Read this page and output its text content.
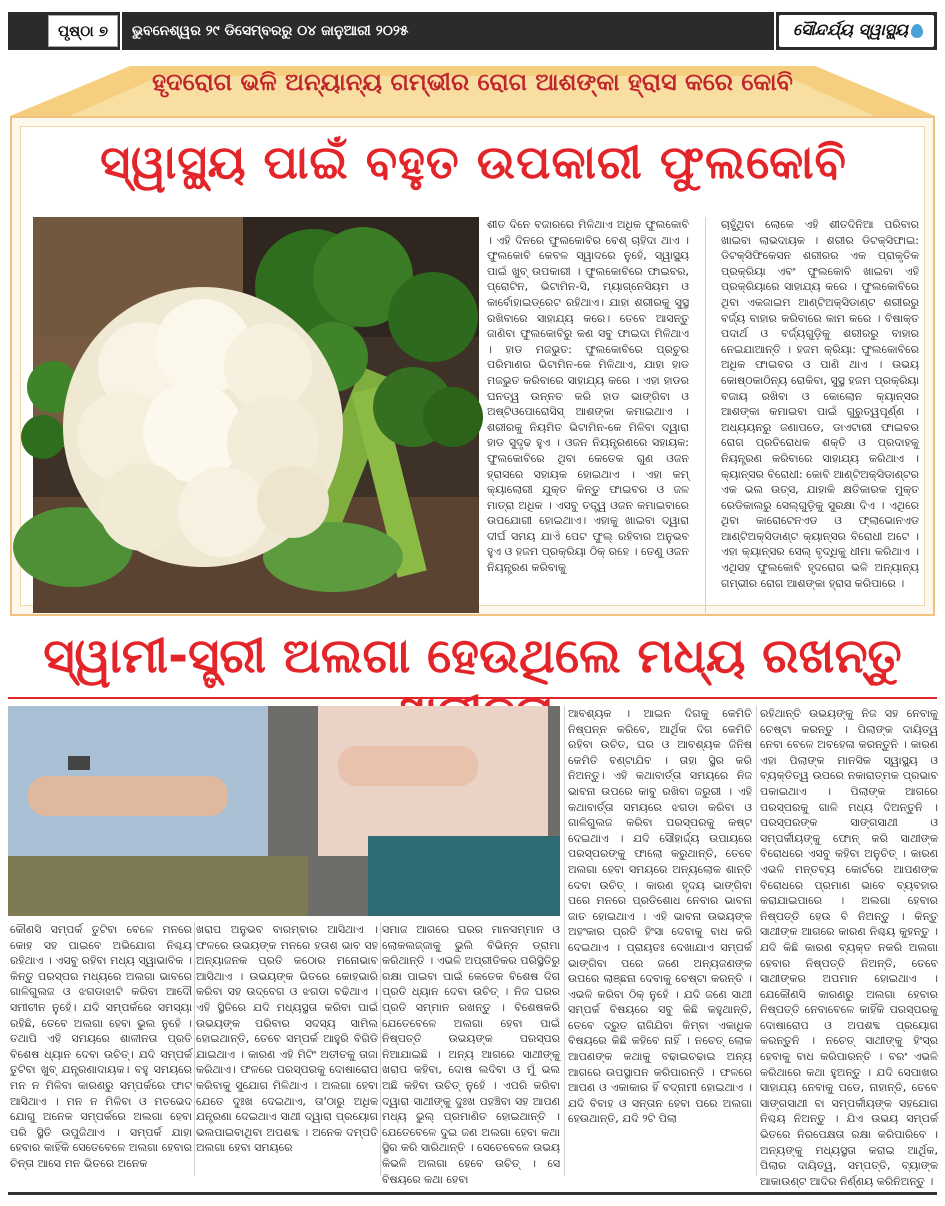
ପୃଷ୍ଠା ୭	ଭୁବନେଶ୍ୱର ୨୯ ଡିସେମ୍ବରରୁ ୦୪ ଜାନୁଆରୀ ୨୦୨୫	ସୌନ୍ଦର୍ଯ୍ୟ ସ୍ୱାସ୍ଥ୍ୟ
ହୃଦରୋଗ ଭଳି ଅନ୍ୟାନ୍ୟ ଗମ୍ଭୀର ରୋଗ ଆଶଙ୍କା ହ୍ରାସ କରେ କୋବି
ସ୍ୱାସ୍ଥ୍ୟ ପାଇଁ ବହୁତ ଉପକାରୀ ଫୁଲକୋବି
ଶୀତ ଦିନେ ବଜାରରେ ମିଳିଥାଏ ଅଧିକ ଫୁଲକୋବି । ଏହି ଦିନରେ ଫୁଲକୋବିର ବେଶ୍ ଚାହିଦା ଥାଏ । ଫୁଲକୋବି କେବଳ ସ୍ୱାଦରେ ନୁହେଁ, ସ୍ୱାସ୍ଥ୍ୟ ପାଇଁ ଖୁବ୍ ଉପକାରୀ । ଫୁଲକୋବିରେ ଫାଇବର, ପ୍ରୋଟିନ, ଭିଟାମିନ-ସି, ମ୍ୟାଗ୍ନେସିୟମ ଓ କାର୍ବୋହାଇଡ୍ରେଟ ରହିଥାଏ। ଯାହା ଶରୀରକୁ ସୁସ୍ଥ ରଖିବାରେ ସାହାଯ୍ୟ କରେ। ତେବେ ଆସନ୍ତୁ ଜାଣିବା ଫୁଲକୋବିରୁ କଣ ସବୁ ଫାଇଦା ମିଳିଥାଏ । ହାଡ ମଜଭୁତ: ଫୁଲକୋବିରେ ପ୍ରଚୁର ପରିମାଣର ଭିଟାମିନ-କେ ମିଳିଥାଏ, ଯାହା ହାଡ ମଜଭୁତ କରିବାରେ ସାହାଯ୍ୟ କରେ । ଏହା ହାଡର ଘନତ୍ୱ ଉନ୍ନତ କରି ହାଡ ଭାଙ୍ଗିବା ଓ ଅଷ୍ଟିଓପୋରୋସିସ୍ ଆଶଙ୍କା କମାଇଥାଏ । ଶରୀରକୁ ନିୟମିତ ଭିଟାମିନ-କେ ମିଳିବା ଦ୍ୱାରା ହାଡ ସୁଦୃଢ ହୁଏ । ଓଜନ ନିୟନ୍ତ୍ରଣରେ ସହାୟକ: ଫୁଲକୋବିରେ ଥିବା କେତେକ ଗୁଣ ଓଜନ ହ୍ରାସରେ ସହାୟକ ହୋଇଥାଏ । ଏହା କମ୍ କ୍ୟାଲୋରୀ ଯୁକ୍ତ କିନ୍ତୁ ଫାଇବର ଓ ଜଳ ମାତ୍ରା ଅଧିକ । ଏସବୁ ତତ୍ତ୍ୱ ଓଜନ କମାଇବାରେ ଉପଯୋଗୀ ହୋଇଥାଏ। ଏହାକୁ ଖାଇବା ଦ୍ୱାରା ଦୀର୍ଘ ସମୟ ଯାଏଁ ପେଟ ଫୁଲ୍ ରହିବାର ଅନୁଭବ ହୁଏ ଓ ହଜମ ପ୍ରକ୍ରିୟା ଠିକ୍ ରହେ । ତେଣୁ ଓଜନ ନିୟନ୍ତ୍ରଣ କରିବାକୁ
ଚାହୁଁଥିବା ଲୋକେ ଏହି ଶୀତଦିନିଆ ପରିବାର ଖାଇବା ଲାଭଦାୟକ । ଶରୀର ଡିଟକ୍ସିଫାଇ: ଡିଟକ୍ସିଫିକେସନ ଶରୀରର ଏକ ପ୍ରାକୃତିକ ପ୍ରକ୍ରିୟା ଏବଂ ଫୁଲକୋବି ଖାଇବା ଏହି ପ୍ରକ୍ରିୟାରେ ସାହାଯ୍ୟ କରେ । ଫୁଲକୋବିରେ ଥିବା ଏକଜାଇମ ଆଣ୍ଟିଅକ୍ସିଡାଣ୍ଟ ଶରୀରରୁ ବର୍ଜ୍ୟ ବାହାର କରିବାରେ କାମ କରେ । ବିଷାକ୍ତ ପଦାର୍ଥ ଓ ବର୍ଜ୍ୟଗୁଡ଼ିକୁ ଶରୀରରୁ ବାହାର ନେଇଯାଆନ୍ତି । ହଜମ କ୍ରିୟା: ଫୁଲକୋବିରେ ଅଧିକ ଫାଇବର ଓ ପାଣି ଥାଏ । ଉଭୟ କୋଷ୍ଠକାଠିନ୍ୟ ରୋକିବା, ସୁସ୍ଥ ହଜମ ପ୍ରକ୍ରିୟା ବଜାୟ ରଖିବା ଓ କୋଲୋନ କ୍ୟାନ୍ସର ଆଶଙ୍କା କମାଇବା ପାଇଁ ଗୁରୁତ୍ୱପୂର୍ଣ୍ଣ । ଅଧ୍ୟୟନରୁ ଜଣାପଡେ, ଡାଏଟାରୀ ଫାଇବର ରୋଗ ପ୍ରତିରୋଧକ ଶକ୍ତି ଓ ପ୍ରଦାହକୁ ନିୟନ୍ତ୍ରଣ କରିବାରେ ସାହାଯ୍ୟ କରିଥାଏ । କ୍ୟାନ୍ସର ବିରୋଧୀ: କୋବି ଆଣ୍ଟିଅକ୍ସିଡାଣ୍ଟର ଏକ ଭଲ ଉତ୍ସ, ଯାହାକି କ୍ଷତିକାରକ ମୁକ୍ତ ରେଡିକାଲରୁ ସେଲ୍‌ଗୁଡ଼ିକୁ ସୁରକ୍ଷା ଦିଏ । ଏଥିରେ ଥିବା କାରୋଟେନଏଡ ଓ ଫ୍ଲାଭୋନଏଡ ଆଣ୍ଟିଅକ୍ସିଡାଣ୍ଟ କ୍ୟାନ୍ସର ବିରୋଧୀ ଅଟେ । ଏହା କ୍ୟାନ୍ସର ସେଲ୍ ବୃଦ୍ଧିକୁ ଧୀମା କରିଥାଏ । ଏଥିସହ ଫୁଲକୋବି ହୃଦରୋଗ ଭଳି ଅନ୍ୟାନ୍ୟ ଗମ୍ଭୀର ରୋଗ ଆଶଙ୍କା ହ୍ରାସ କରିପାରେ ।
ସ୍ୱାମୀ-ସ୍ତ୍ରୀ ଅଲଗା ହେଉଥିଲେ ମଧ୍ୟ ରଖନ୍ତୁ
କୌଣସି ସମ୍ପର୍କ ତୁଟିବା ବେଳେ ମନରେ କୋହ ସହ ପାଇବେ ଅଭିଯୋଗ ନିଶ୍ଚୟ ରହିଥାଏ । ଏସବୁ ରହିବା ମଧ୍ୟ ସ୍ୱାଭାବିକ । କିନ୍ତୁ ପରସ୍ପର ମଧ୍ୟରେ ଅଲଗା ଭାବରେ ଗାଳିଗୁଲଜ ଓ ଝଗଡାଝାଟି କରିବା ଆଦୌ ସମୀଚୀନ ନୁହେଁ। ଯଦି ସମ୍ପର୍କରେ ସମସ୍ୟା ରହିଛି, ତେବେ ଅଲଗା ହେବା ଭୁଲ ନୁହେଁ । ତଥାପି ଏହି ସମୟରେ ଶାଳୀନତା ପ୍ରତି ବିଶେଷ ଧ୍ୟାନ ଦେବା ଉଚିତ୍। ଯଦି ସମ୍ପର୍କ ତୁଟିବା ଖୁବ୍ ଯନ୍ତ୍ରଣାଦାୟକ। ବହୁ ସମୟରେ ମନ ନ ମିଳିବା କାରଣରୁ ସମ୍ପର୍କରେ ଫାଟ ଆସିଥାଏ । ମନ ନ ମିଳିବା ଓ ମତଭେଦ ଯୋଗୁ ଅନେକ ସମ୍ପର୍କରେ ଅଲଗା ହେବା ପରି ସ୍ଥିତି ଉପୁଜିଥାଏ । ସମ୍ପର୍କ ଯାହା ହେବାର କାହିଁକି ସେତେବେଳେ ଅଲଗା ହେବାର ଚିନ୍ତା ଆସେ ମନ ଭିତରେ ଅନେକ
ଖରାପ ଅନୁଭବ ବାରମ୍ବାର ଆସିଥାଏ । ଫଳରେ ଉଭୟଙ୍କ ମନରେ ହତାଶ ଭାବ ସହ ଅନ୍ୟାଜନକ ପ୍ରତି କଠୋର ମନୋଭାବ ଆସିଥାଏ । ଉଭୟଙ୍କ ଭିତରେ କୋହଭାରି କରିବା ସହ ଉଦ୍ବେଗ ଓ ଝଗଡା ବଢିଥାଏ । ଏହି ସ୍ଥିତିରେ ଯଦି ମଧ୍ୟସ୍ଥତା କରିବା ପାଇଁ ଉଭୟଙ୍କ ପରିବାର ସଦସ୍ୟ ସାମିଲ ହୋଇଥାନ୍ତି, ତେବେ ସମ୍ପର୍କ ଆହୁରି ବିଗିଡି ଯାଇଥାଏ । କାରଣ ଏହି ମିଟିଂ ଅତୀତକୁ ତାଜା କରିଥାଏ। ଫଳରେ ପରସ୍ପରକୁ ଦୋଷାରୋପ କରିବାକୁ ସୁଯୋଗ ମିଳିଥାଏ । ଅଲଗା ହେବା ଯେତେ ଦୁଃଖ ଦେଇଥାଏ, ତା'ଠାରୁ ଅଧିକ ଯନ୍ତ୍ରଣା ଦେଇଥାଏ ସାଥୀ ଦ୍ୱାରା ପ୍ରୟୋଗ ଭଲପାଇବାଥିବା ଅପଶବ୍ଦ । ଅନେକ ଦମ୍ପତି ଅଲଗା ହେବା ସମୟରେ
ସମାଜ ଆଗରେ ଘରର ମାନସମ୍ମାନ ଓ ଲୋକଲଜ୍ଜାକୁ ଭୁଲି ବିଭିନ୍ନ ଡ୍ରାମା କରିଥାନ୍ତି । ଏଭଳି ଅପ୍ରୀତିକର ପରିସ୍ଥିତିରୁ ରକ୍ଷା ପାଇବା ପାଇଁ କେତେକ ବିଶେଷ ଦିଗ ପ୍ରତି ଧ୍ୟାନ ଦେବା ଉଚିତ୍ । ନିଜ ଘରର ପ୍ରତି ସମ୍ମାନ ରଖନ୍ତୁ । ବିଶେଷକରି ଯେତେବେଳେ ଅଲଗା ହେବା ପାଇଁ ନିଷ୍ପତ୍ତି ଉଭୟଙ୍କ ପରସ୍ପର ନିଆଯାଇଛି । ଅନ୍ୟ ଆଗରେ ସାଥୀଙ୍କୁ ଖରାପ କହିବା, ଦୋଷ ଲଦିବା ଓ ମୁଁ ଭଲ ଅଛି କହିବା ଉଚିତ୍ ନୁହେଁ । ଏପରି କରିବା ଦ୍ୱାରା ସାଥୀଙ୍କୁ ଦୁଃଖ ପହଞ୍ଚିବା ସହ ଆପଣ ମଧ୍ୟ ଭୁଲ୍ ପ୍ରମାଣିତ ହୋଇଥାନ୍ତି । ଯେତେବେଳେ ଦୁଇ ଜଣ ଅଲଗା ହେବା କଥା ସ୍ଥିର କରି ସାରିଥାନ୍ତି । ସେତେବେଳେ ଉଭୟ କିଭଳି ଅଲଗା ହେବେ ଉଚିତ୍ । ସେ ବିଷୟରେ କଥା ହେବା
ଆବଶ୍ୟକ । ଆଇନ ଦିଗକୁ କେମିତି ନିଷ୍ପନ୍ନ କରିବେ, ଆର୍ଥିକ ଦିଗ କେମିତି ରହିବା ଉଚିତ, ଘର ଓ ଆବଶ୍ୟକ ଜିନିଷ କେମିତି ବଣ୍ଟାଯିବ । ତାହା ସ୍ଥିର କରି ନିଅନ୍ତୁ। ଏହି କଥାବାର୍ତ୍ତା ସମୟରେ ନିଜ ଭାବନା ଉପରେ କାବୁ ରଖିବା ଜରୁରୀ । ଏହି କଥାବାର୍ତ୍ତା ସମୟରେ ଝଗଡା କରିବା ଓ ଗାଳିଗୁଲଜ କରିବା ପରସ୍ପରକୁ କଷ୍ଟ ଦେଇଥାଏ । ଯଦି ସୌହାର୍ଦ୍ଦ୍ୟ ଉପାୟରେ ପରସ୍ପରଙ୍କୁ ଫାଲୋ କରୁଥାନ୍ତି, ତେବେ ଅଲଗା ହେବା ସମୟରେ ଅନ୍ୟଲୋକ ଶାନ୍ତି ଦେବା ଉଚିତ୍ । କାରଣ ହୃଦୟ ଭାଙ୍ଗିବା ପରେ ମନରେ ପ୍ରତିଶୋଧ ନେବାର ଭାବନା ଜାତ ହୋଇଥାଏ । ଏହି ଭାବନା ଉଭୟଙ୍କ ଅହଂକାର ପ୍ରତି ହିଂସା ଦେବାକୁ ବାଧ କରି ଦେଇଥାଏ । ପ୍ରାୟତଃ ଦେଖାଯାଏ ସମ୍ପର୍କ ଭାଙ୍ଗିବା ପରେ ଜଣେ ଅନ୍ୟଜଣଙ୍କ ଉପରେ ଲାଞ୍ଛନା ଦେବାକୁ ଚେଷ୍ଟା କରନ୍ତି । ଏଭଳି କରିବା ଠିକ୍ ନୁହେଁ । ଯଦି ଜଣେ ସାଥୀ ସମ୍ପର୍କ ବିଷୟରେ ସବୁ କିଛି କହୁଥାନ୍ତି, ତେବେ ଦ୍ରୁତ ରାଗିଯିବା କିମ୍ବା ଏକାଧିକ ବିଷୟରେ କିଛି କହିବେ ନାହିଁ । ନଚେତ୍ ଲୋକ ଆପଣଙ୍କ କଥାକୁ ବଢାଇଚଢାଇ ଅନ୍ୟ ଆଗରେ ଉପସ୍ଥାପନ କରିପାରନ୍ତି । ଫଳରେ ଆପଣ ଓ ଏକାକାର ହିଁ ବଦ୍‌ନାମୀ ହୋଇଥାଏ । ଯଦି ବିବାହ ଓ ସନ୍ତାନ ହେବା ପରେ ଅଲଗା ହେଉଥାନ୍ତି, ଯଦି ୨ଟି ପିଲା
ରହିଥାନ୍ତି ଉଭୟଙ୍କୁ ନିଜ ସହ ନେବାକୁ ଚେଷ୍ଟା କରନ୍ତୁ । ପିଲାଙ୍କ ଦାୟିତ୍ୱ ନେବା ବେଳେ ଅବହେଳା କରନ୍ତୁନି । କାରଣ ଏହା ପିଲାଙ୍କ ମାନସିକ ସ୍ୱାସ୍ଥ୍ୟ ଓ ବ୍ୟକ୍ତିତ୍ୱ ଉପରେ ନକାରାତ୍ମକ ପ୍ରଭାବ ପକାଇଥାଏ । ପିଲାଙ୍କ ଆଗରେ ପରସ୍ପରକୁ ଗାଳି ମଧ୍ୟ ଦିଅନ୍ତୁନି । ପରସ୍ପରଙ୍କ ସାଙ୍ଗସାଥୀ ଓ ସମ୍ପର୍କୀୟଙ୍କୁ ଫୋନ୍ କରି ସାଥୀଙ୍କ ବିରୋଧରେ ଏସବୁ କହିବା ଅନୁଚିତ୍ । କାରଣ ଏଭଳି ମନ୍ତବ୍ୟ କୋର୍ଟରେ ଆପଣଙ୍କ ବିରୋଧରେ ପ୍ରମାଣ ଭାବେ ବ୍ୟବହାର କରାଯାଇପାରେ । ଅଲଗା ହେବାର ନିଷ୍ପତ୍ତି ହେଉ ବି ନିଅନ୍ତୁ । କିନ୍ତୁ ସାଥୀଙ୍କ ଆଗରେ କାରଣ ନିଶ୍ଚୟ କୁହନ୍ତୁ । ଯଦି କିଛି କାରଣ ବ୍ୟକ୍ତ ନକରି ଅଲଗା ହେବାର ନିଷ୍ପତ୍ତି ନିଅନ୍ତି, ତେବେ ସାଥୀଙ୍କର ଅପମାନ ହୋଇଥାଏ । ଯେକୌଣସି କାରଣରୁ ଅଲଗା ହେବାର ନିଷ୍ପତ୍ତି ନେବାବେଳେ କାହିଁକି ପରସ୍ପରକୁ ଦୋଷାରୋପ ଓ ଅପଶବ୍ଦ ପ୍ରୟୋଗ କରନ୍ତୁନି । ନଚେତ୍ ସାଥୀଙ୍କୁ ହିଂସ୍ର ହେବାକୁ ବାଧ କରିପାରନ୍ତି । ବରଂ ଏଭଳି କରିଥାରେ କଥା ହୁଅନ୍ତୁ । ଯଦି ସେପାଖର ସାହାଯ୍ୟ ନେବାକୁ ପଡେ, ନାହାନ୍ତି, ତେବେ ସାଙ୍ଗସାଥୀ ବା ସମ୍ପର୍କୀୟଙ୍କ ସହଯୋଗ ନିଶ୍ଚୟ ନିଅନ୍ତୁ । ଯିଏ ଉଭୟ ସମ୍ପର୍କ ଭିତରେ ନିରପେକ୍ଷତା ରକ୍ଷା କରିପାରିବେ । ଅନ୍ୟଙ୍କୁ ମଧ୍ୟସ୍ଥତା କରାଇ ଆର୍ଥିକ, ପିଲାର ଦାୟିତ୍ୱ, ସମ୍ପତ୍ତି, ବ୍ୟାଙ୍କ ଆକାଉଣ୍ଟ ଆଦିର ନିର୍ଣ୍ଣୟ କରିନିଅନ୍ତୁ ।
